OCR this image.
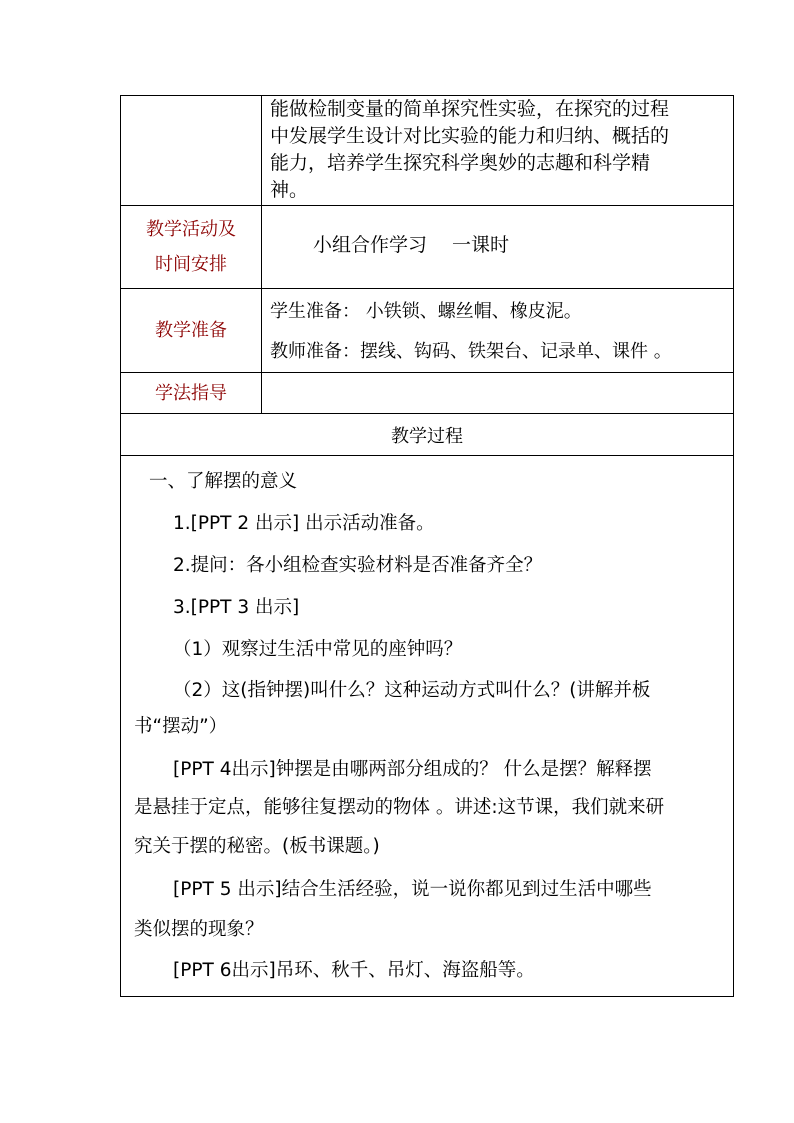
能做检制变量的简单探究性实验，在探究的过程
中发展学生设计对比实验的能力和归纳、概括的
能力，培养学生探究科学奥妙的志趣和科学精
神。
教学活动及
时间安排
小组合作学习　 一课时
教学准备
学生准备： 小铁锁、螺丝帽、橡皮泥。
教师准备：摆线、钩码、铁架台、记录单、课件 。
学法指导
教学过程

一、了解摆的意义

1.[PPT 2 出示] 出示活动准备。

2.提问：各小组检查实验材料是否准备齐全？

3.[PPT 3 出示]

（1）观察过生活中常见的座钟吗？

（2）这(指钟摆)叫什么？这种运动方式叫什么？(讲解并板

书“摆动”）

[PPT 4出示]钟摆是由哪两部分组成的？ 什么是摆？解释摆

是悬挂于定点，能够往复摆动的物体 。讲述:这节课，我们就来研

究关于摆的秘密。(板书课题。)

[PPT 5 出示]结合生活经验，说一说你都见到过生活中哪些

类似摆的现象？

[PPT 6出示]吊环、秋千、吊灯、海盗船等。
